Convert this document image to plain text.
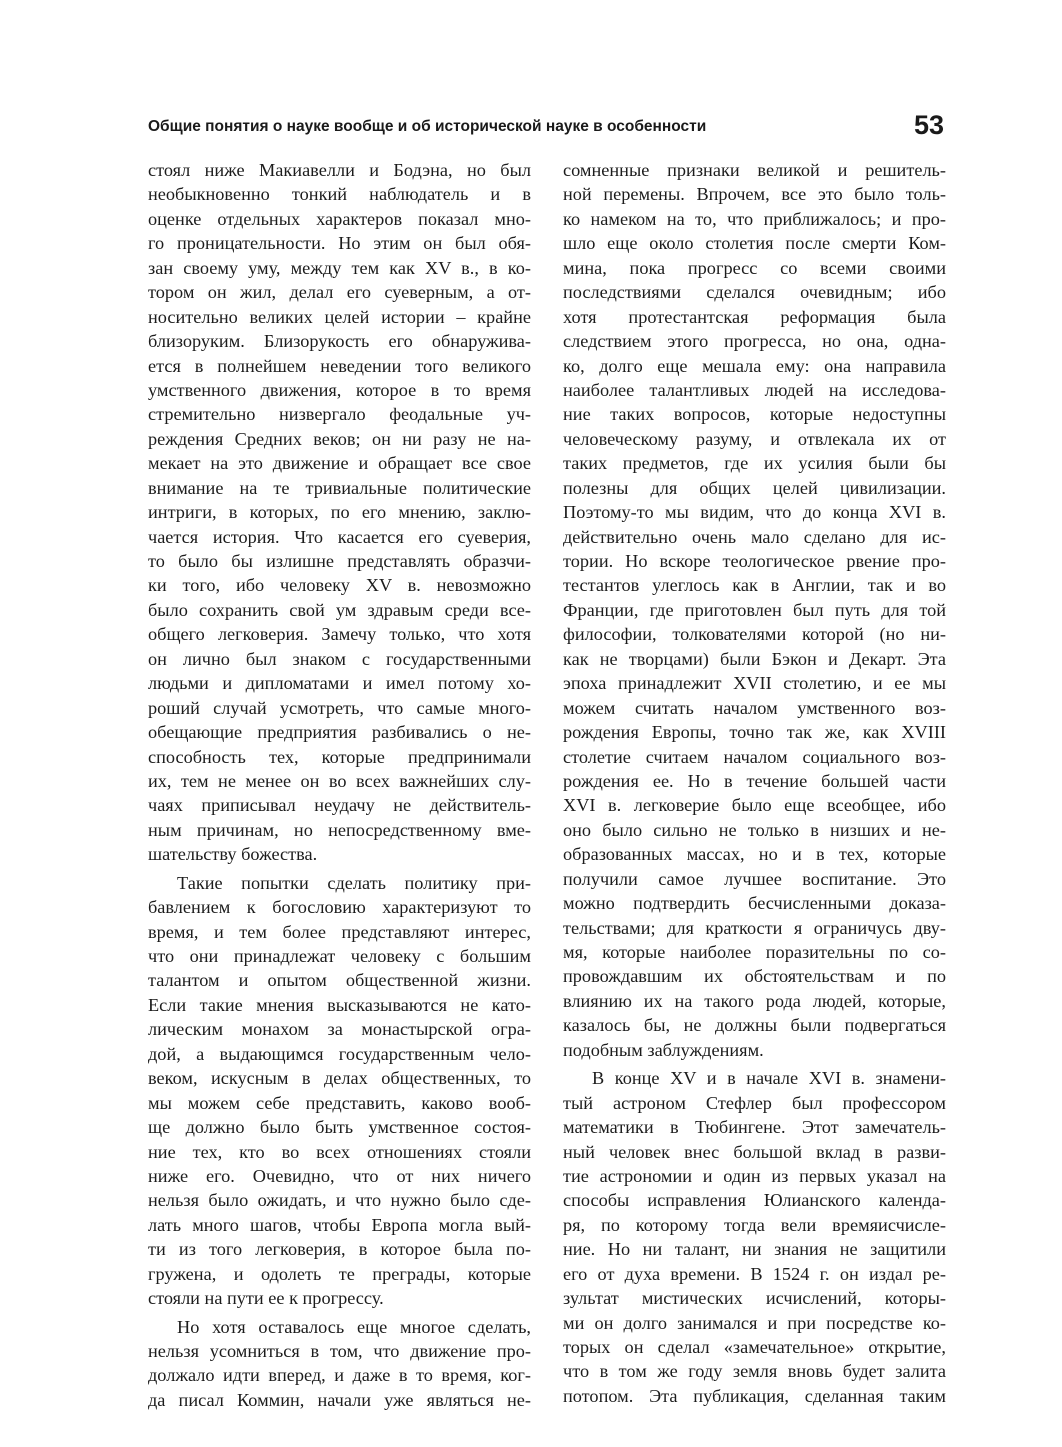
Общие понятия о науке вообще и об исторической науке в особенности	53
стоял ниже Макиавелли и Бодэна, но был
необыкновенно тонкий наблюдатель и в
оценке отдельных характеров показал мно-
го проницательности. Но этим он был обя-
зан своему уму, между тем как XV в., в ко-
тором он жил, делал его суеверным, а от-
носительно великих целей истории – крайне
близоруким. Близорукость его обнаружива-
ется в полнейшем неведении того великого
умственного движения, которое в то время
стремительно низвергало феодальные уч-
реждения Средних веков; он ни разу не на-
мекает на это движение и обращает все свое
внимание на те тривиальные политические
интриги, в которых, по его мнению, заклю-
чается история. Что касается его суеверия,
то было бы излишне представлять образчи-
ки того, ибо человеку XV в. невозможно
было сохранить свой ум здравым среди все-
общего легковерия. Замечу только, что хотя
он лично был знаком с государственными
людьми и дипломатами и имел потому хо-
роший случай усмотреть, что самые много-
обещающие предприятия разбивались о не-
способность тех, которые предпринимали
их, тем не менее он во всех важнейших слу-
чаях приписывал неудачу не действитель-
ным причинам, но непосредственному вме-
шательству божества.
Такие попытки сделать политику при-
бавлением к богословию характеризуют то
время, и тем более представляют интерес,
что они принадлежат человеку с большим
талантом и опытом общественной жизни.
Если такие мнения высказываются не като-
лическим монахом за монастырской огра-
дой, а выдающимся государственным чело-
веком, искусным в делах общественных, то
мы можем себе представить, каково вооб-
ще должно было быть умственное состоя-
ние тех, кто во всех отношениях стояли
ниже его. Очевидно, что от них ничего
нельзя было ожидать, и что нужно было сде-
лать много шагов, чтобы Европа могла вый-
ти из того легковерия, в которое была по-
гружена, и одолеть те преграды, которые
стояли на пути ее к прогрессу.
Но хотя оставалось еще многое сделать,
нельзя усомниться в том, что движение про-
должало идти вперед, и даже в то время, ког-
да писал Коммин, начали уже являться не-
сомненные признаки великой и решитель-
ной перемены. Впрочем, все это было толь-
ко намеком на то, что приближалось; и про-
шло еще около столетия после смерти Ком-
мина, пока прогресс со всеми своими
последствиями сделался очевидным; ибо
хотя протестантская реформация была
следствием этого прогресса, но она, одна-
ко, долго еще мешала ему: она направила
наиболее талантливых людей на исследова-
ние таких вопросов, которые недоступны
человеческому разуму, и отвлекала их от
таких предметов, где их усилия были бы
полезны для общих целей цивилизации.
Поэтому-то мы видим, что до конца XVI в.
действительно очень мало сделано для ис-
тории. Но вскоре теологическое рвение про-
тестантов улеглось как в Англии, так и во
Франции, где приготовлен был путь для той
философии, толкователями которой (но ни-
как не творцами) были Бэкон и Декарт. Эта
эпоха принадлежит XVII столетию, и ее мы
можем считать началом умственного воз-
рождения Европы, точно так же, как XVIII
столетие считаем началом социального воз-
рождения ее. Но в течение большей части
XVI в. легковерие было еще всеобщее, ибо
оно было сильно не только в низших и не-
образованных массах, но и в тех, которые
получили самое лучшее воспитание. Это
можно подтвердить бесчисленными доказа-
тельствами; для краткости я ограничусь дву-
мя, которые наиболее поразительны по со-
провождавшим их обстоятельствам и по
влиянию их на такого рода людей, которые,
казалось бы, не должны были подвергаться
подобным заблуждениям.
В конце XV и в начале XVI в. знамени-
тый астроном Стефлер был профессором
математики в Тюбингене. Этот замечатель-
ный человек внес большой вклад в разви-
тие астрономии и один из первых указал на
способы исправления Юлианского календа-
ря, по которому тогда вели времяисчисле-
ние. Но ни талант, ни знания не защитили
его от духа времени. В 1524 г. он издал ре-
зультат мистических исчислений, которы-
ми он долго занимался и при посредстве ко-
торых он сделал «замечательное» открытие,
что в том же году земля вновь будет залита
потопом. Эта публикация, сделанная таким
